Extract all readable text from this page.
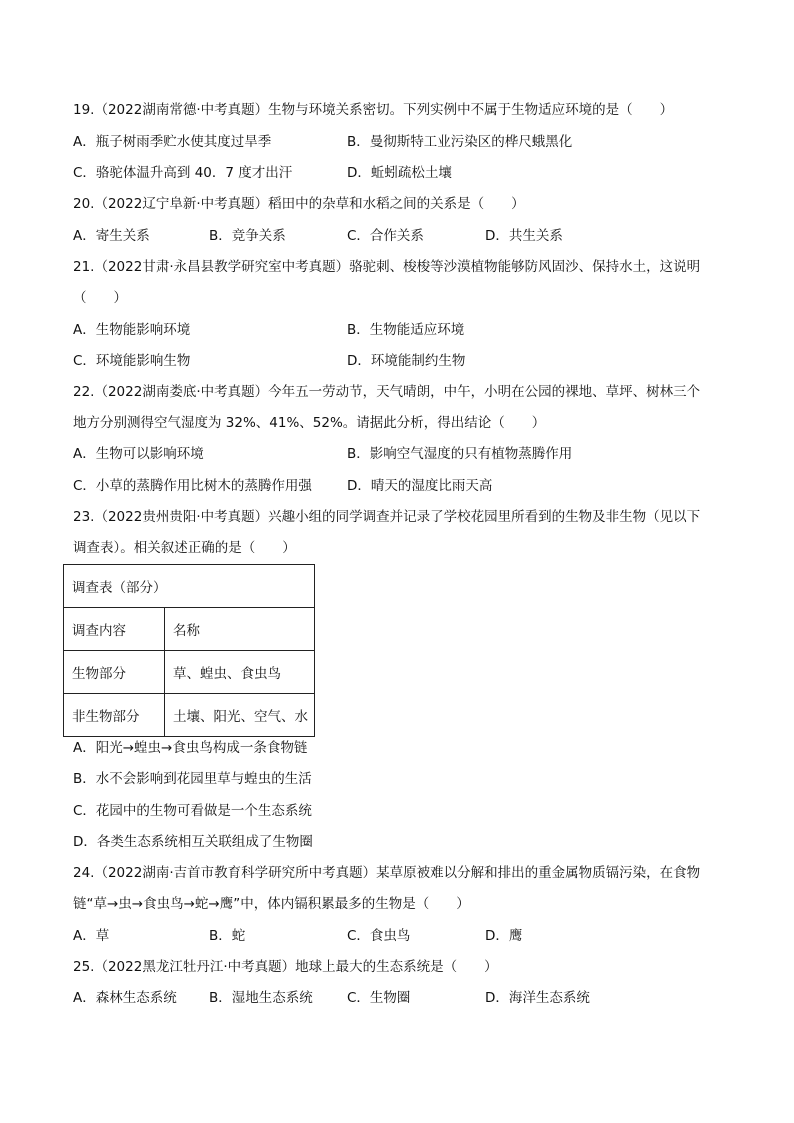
19.（2022湖南常德·中考真题）生物与环境关系密切。下列实例中不属于生物适应环境的是（　　）
A．瓶子树雨季贮水使其度过旱季	B．曼彻斯特工业污染区的桦尺蛾黑化
C．骆驼体温升高到 40．7 度才出汗	D．蚯蚓疏松土壤
20.（2022辽宁阜新·中考真题）稻田中的杂草和水稻之间的关系是（　　）
A．寄生关系	B．竞争关系	C．合作关系	D．共生关系
21.（2022甘肃·永昌县教学研究室中考真题）骆驼刺、梭梭等沙漠植物能够防风固沙、保持水土，这说明
（　　）
A．生物能影响环境	B．生物能适应环境
C．环境能影响生物	D．环境能制约生物
22.（2022湖南娄底·中考真题）今年五一劳动节，天气晴朗，中午，小明在公园的裸地、草坪、树林三个
地方分别测得空气湿度为 32%、41%、52%。请据此分析，得出结论（　　）
A．生物可以影响环境	B．影响空气湿度的只有植物蒸腾作用
C．小草的蒸腾作用比树木的蒸腾作用强	D．晴天的湿度比雨天高
23.（2022贵州贵阳·中考真题）兴趣小组的同学调查并记录了学校花园里所看到的生物及非生物（见以下
调查表）。相关叙述正确的是（　　）
调查表（部分）	
调查内容	名称
生物部分	草、蝗虫、食虫鸟
非生物部分	土壤、阳光、空气、水
A．阳光→蝗虫→食虫鸟构成一条食物链
B．水不会影响到花园里草与蝗虫的生活
C．花园中的生物可看做是一个生态系统
D．各类生态系统相互关联组成了生物圈
24.（2022湖南·吉首市教育科学研究所中考真题）某草原被难以分解和排出的重金属物质镉污染，在食物
链“草→虫→食虫鸟→蛇→鹰”中，体内镉积累最多的生物是（　　）
A．草	B．蛇	C．食虫鸟	D．鹰
25.（2022黑龙江牡丹江·中考真题）地球上最大的生态系统是（　　）
A．森林生态系统 B．湿地生态系统	C．生物圈	D．海洋生态系统
